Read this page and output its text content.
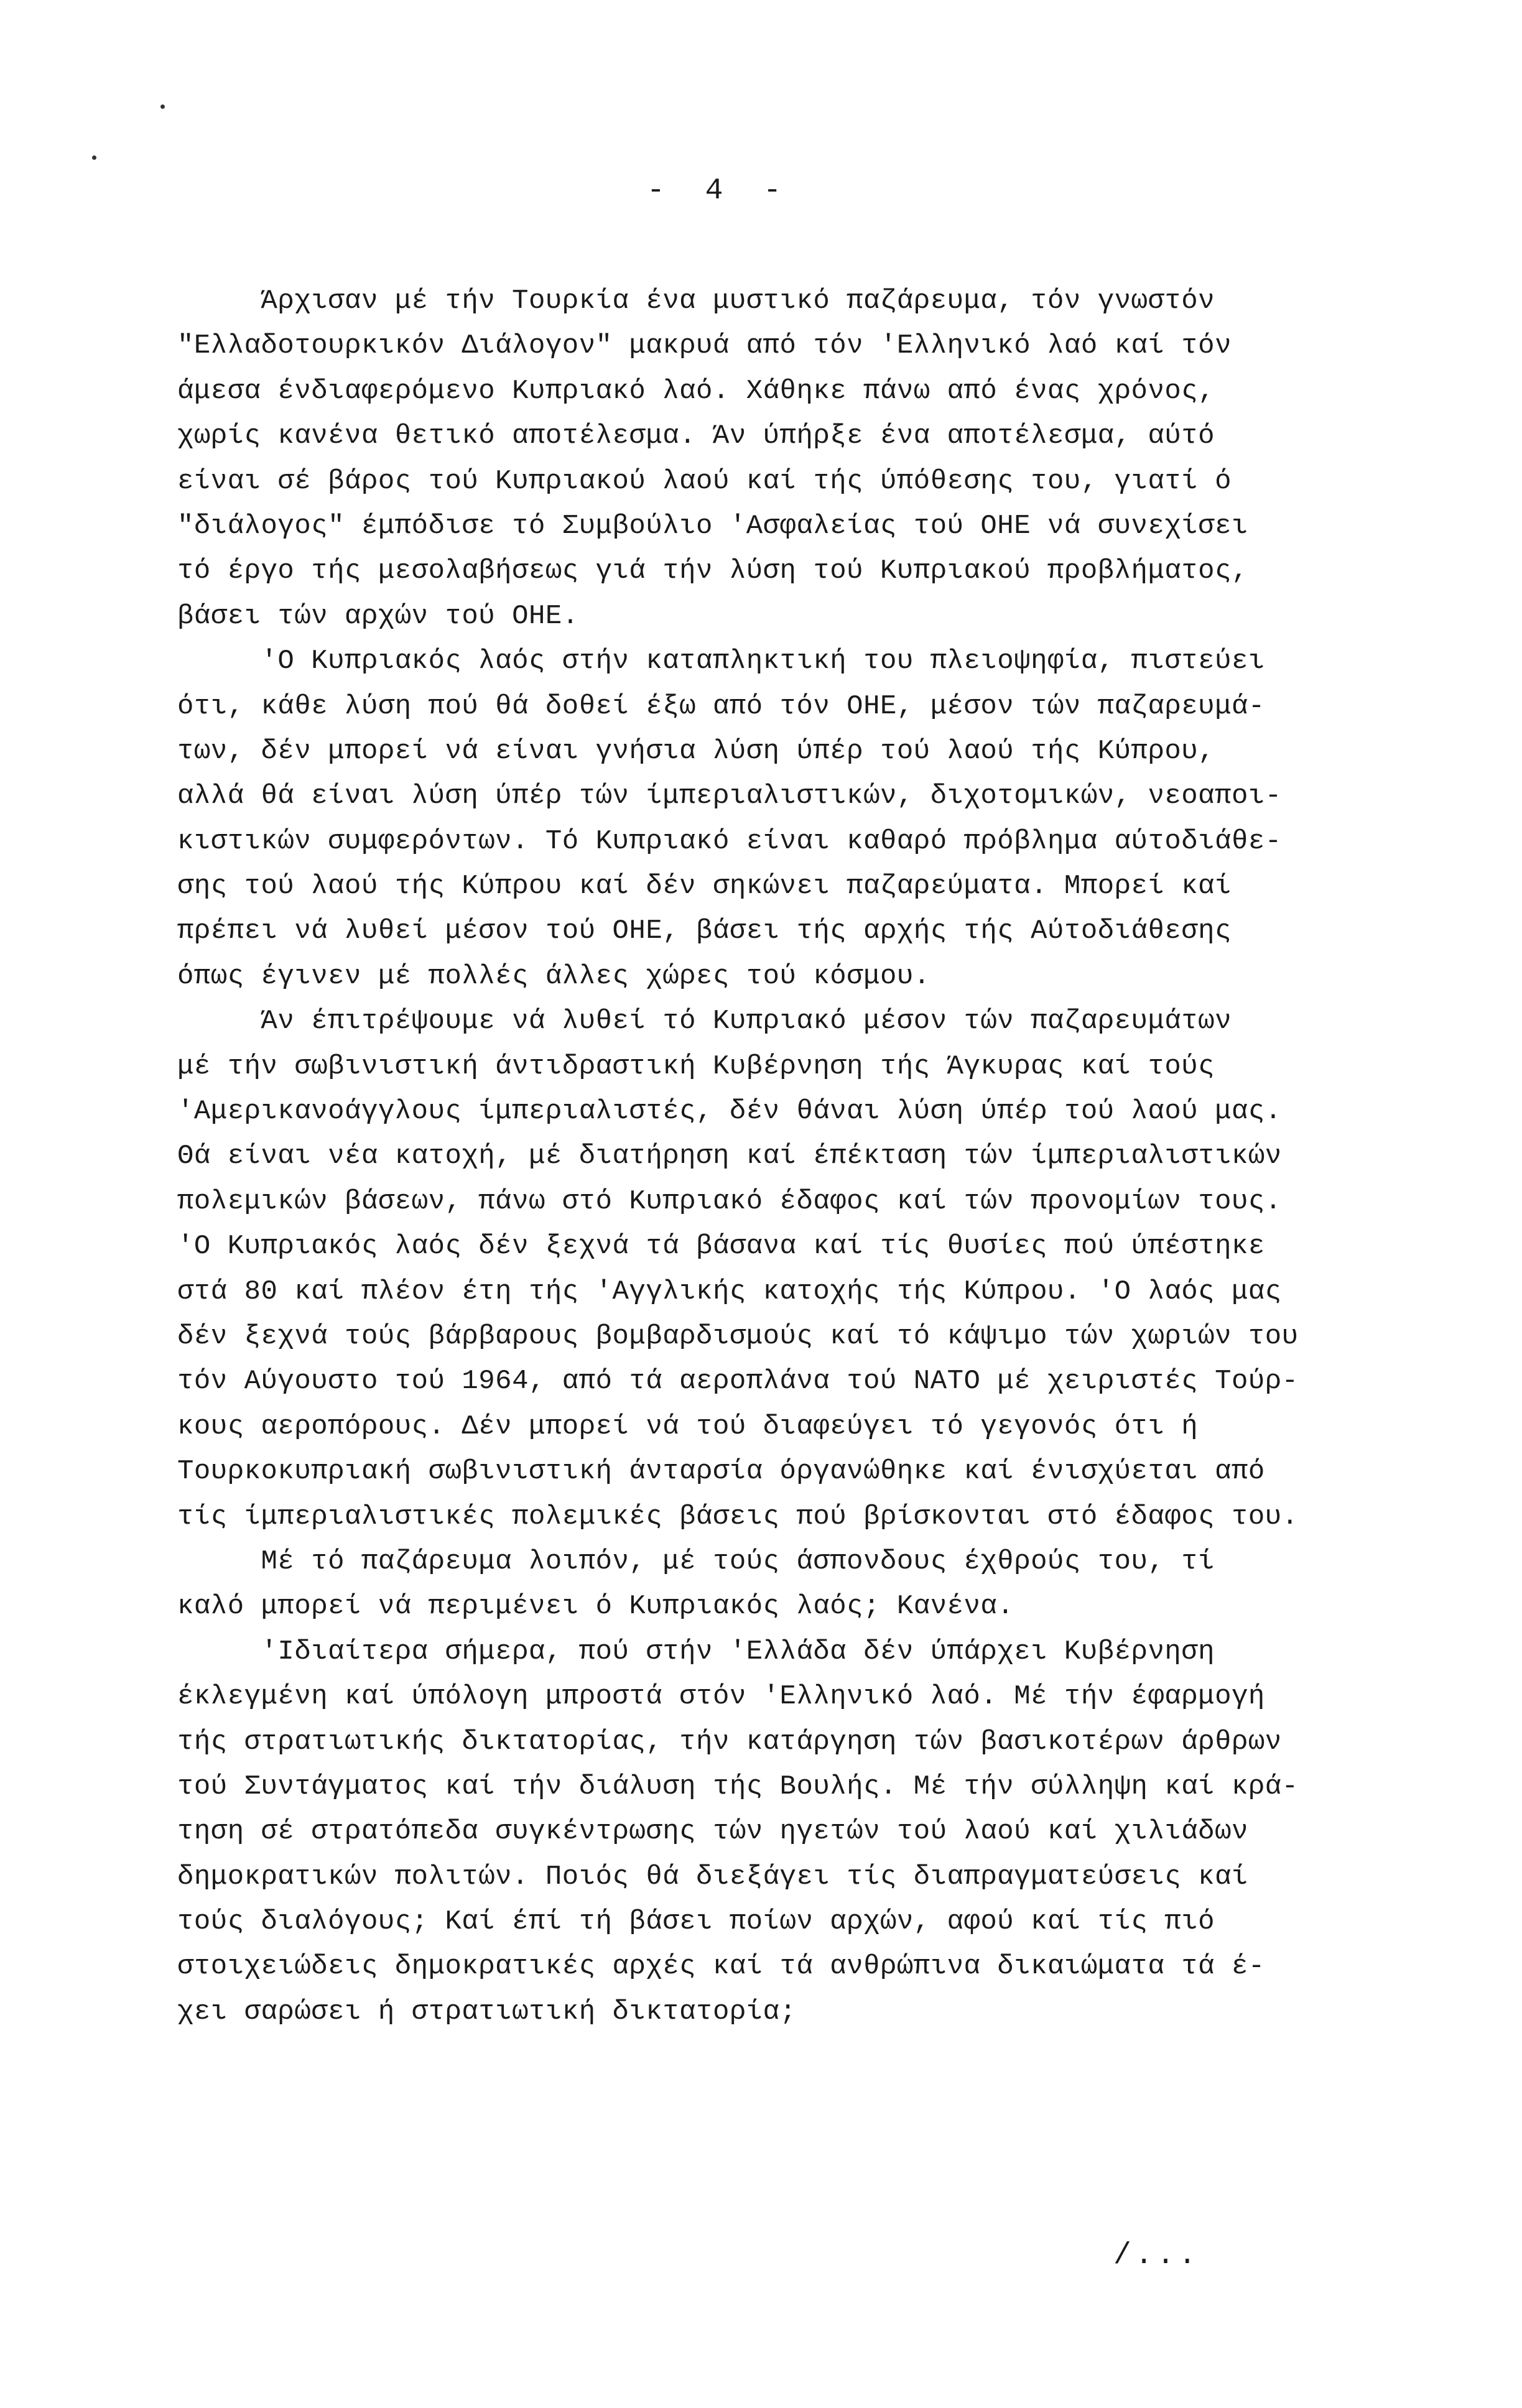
- 4 -
Άρχισαν μέ τήν Τουρκία ένα μυστικό παζάρευμα, τόν γνωστόν
"Ελλαδοτουρκικόν Διάλογον" μακρυά από τόν 'Ελληνικό λαό καί τόν
άμεσα ένδιαφερόμενο Κυπριακό λαό. Χάθηκε πάνω από ένας χρόνος,
χωρίς κανένα θετικό αποτέλεσμα. Άν ύπήρξε ένα αποτέλεσμα, αύτό
είναι σέ βάρος τού Κυπριακού λαού καί τής ύπόθεσης του, γιατί ό
"διάλογος" έμπόδισε τό Συμβούλιο 'Ασφαλείας τού ΟΗΕ νά συνεχίσει
τό έργο τής μεσολαβήσεως γιά τήν λύση τού Κυπριακού προβλήματος,
βάσει τών αρχών τού ΟΗΕ.
'Ο Κυπριακός λαός στήν καταπληκτική του πλειοψηφία, πιστεύει
ότι, κάθε λύση πού θά δοθεί έξω από τόν ΟΗΕ, μέσον τών παζαρευμά-
των, δέν μπορεί νά είναι γνήσια λύση ύπέρ τού λαού τής Κύπρου,
αλλά θά είναι λύση ύπέρ τών ίμπεριαλιστικών, διχοτομικών, νεοαποι-
κιστικών συμφερόντων. Τό Κυπριακό είναι καθαρό πρόβλημα αύτοδιάθε-
σης τού λαού τής Κύπρου καί δέν σηκώνει παζαρεύματα. Μπορεί καί
πρέπει νά λυθεί μέσον τού ΟΗΕ, βάσει τής αρχής τής Αύτοδιάθεσης
όπως έγινεν μέ πολλές άλλες χώρες τού κόσμου.
Άν έπιτρέψουμε νά λυθεί τό Κυπριακό μέσον τών παζαρευμάτων
μέ τήν σωβινιστική άντιδραστική Κυβέρνηση τής Άγκυρας καί τούς
'Αμερικανοάγγλους ίμπεριαλιστές, δέν θάναι λύση ύπέρ τού λαού μας.
Θά είναι νέα κατοχή, μέ διατήρηση καί έπέκταση τών ίμπεριαλιστικών
πολεμικών βάσεων, πάνω στό Κυπριακό έδαφος καί τών προνομίων τους.
'Ο Κυπριακός λαός δέν ξεχνά τά βάσανα καί τίς θυσίες πού ύπέστηκε
στά 80 καί πλέον έτη τής 'Αγγλικής κατοχής τής Κύπρου. 'Ο λαός μας
δέν ξεχνά τούς βάρβαρους βομβαρδισμούς καί τό κάψιμο τών χωριών του
τόν Αύγουστο τού 1964, από τά αεροπλάνα τού ΝΑΤΟ μέ χειριστές Τούρ-
κους αεροπόρους. Δέν μπορεί νά τού διαφεύγει τό γεγονός ότι ή
Τουρκοκυπριακή σωβινιστική άνταρσία όργανώθηκε καί ένισχύεται από
τίς ίμπεριαλιστικές πολεμικές βάσεις πού βρίσκονται στό έδαφος του.
Μέ τό παζάρευμα λοιπόν, μέ τούς άσπονδους έχθρούς του, τί
καλό μπορεί νά περιμένει ό Κυπριακός λαός; Κανένα.
'Ιδιαίτερα σήμερα, πού στήν 'Ελλάδα δέν ύπάρχει Κυβέρνηση
έκλεγμένη καί ύπόλογη μπροστά στόν 'Ελληνικό λαό. Μέ τήν έφαρμογή
τής στρατιωτικής δικτατορίας, τήν κατάργηση τών βασικοτέρων άρθρων
τού Συντάγματος καί τήν διάλυση τής Βουλής. Μέ τήν σύλληψη καί κρά-
τηση σέ στρατόπεδα συγκέντρωσης τών ηγετών τού λαού καί χιλιάδων
δημοκρατικών πολιτών. Ποιός θά διεξάγει τίς διαπραγματεύσεις καί
τούς διαλόγους; Καί έπί τή βάσει ποίων αρχών, αφού καί τίς πιό
στοιχειώδεις δημοκρατικές αρχές καί τά ανθρώπινα δικαιώματα τά έ-
χει σαρώσει ή στρατιωτική δικτατορία;
/...
